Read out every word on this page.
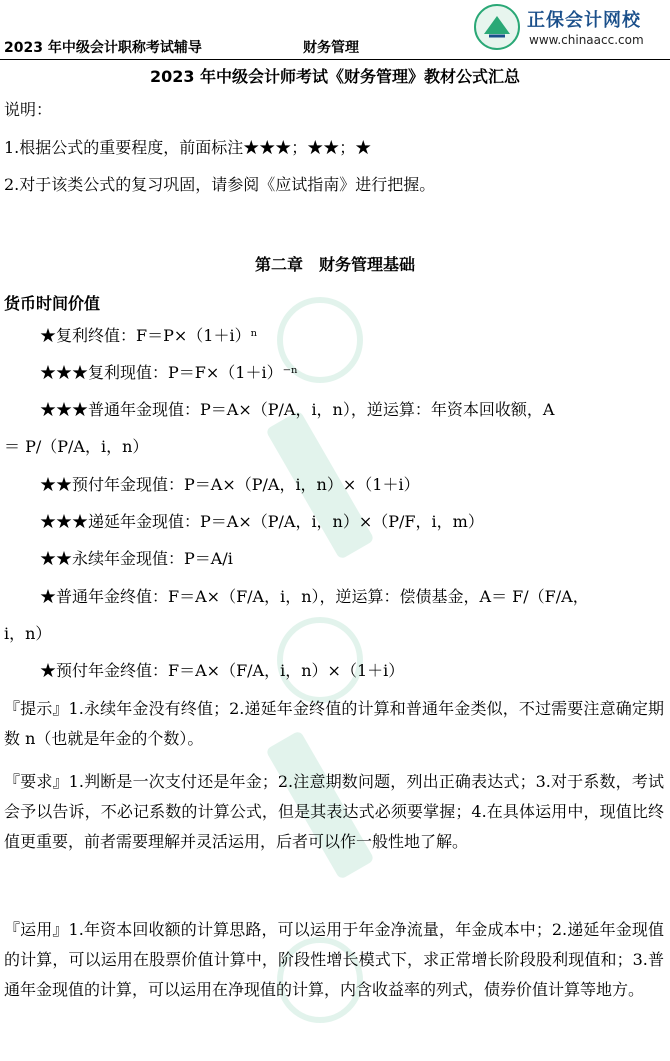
2023 年中级会计职称考试辅导	财务管理
正保会计网校
www.chinaacc.com
2023 年中级会计师考试《财务管理》教材公式汇总
说明：
1.根据公式的重要程度，前面标注★★★；★★；★
2.对于该类公式的复习巩固，请参阅《应试指南》进行把握。
第二章　财务管理基础
货币时间价值
★复利终值：F＝P×（1＋i）ⁿ
★★★复利现值：P＝F×（1＋i）⁻ⁿ
★★★普通年金现值：P＝A×（P/A，i，n），逆运算：年资本回收额，A
＝ P/（P/A，i，n）
★★预付年金现值：P＝A×（P/A，i，n）×（1＋i）
★★★递延年金现值：P＝A×（P/A，i，n）×（P/F，i，m）
★★永续年金现值：P＝A/i
★普通年金终值：F＝A×（F/A，i，n），逆运算：偿债基金，A＝ F/（F/A，
i，n）
★预付年金终值：F＝A×（F/A，i，n）×（1＋i）
『提示』1.永续年金没有终值；2.递延年金终值的计算和普通年金类似，不过需要注意确定期数 n（也就是年金的个数）。
『要求』1.判断是一次支付还是年金；2.注意期数问题，列出正确表达式；3.对于系数，考试会予以告诉，不必记系数的计算公式，但是其表达式必须要掌握；4.在具体运用中，现值比终值更重要，前者需要理解并灵活运用，后者可以作一般性地了解。
『运用』1.年资本回收额的计算思路，可以运用于年金净流量，年金成本中；2.递延年金现值的计算，可以运用在股票价值计算中，阶段性增长模式下，求正常增长阶段股利现值和；3.普通年金现值的计算，可以运用在净现值的计算，内含收益率的列式，债券价值计算等地方。
